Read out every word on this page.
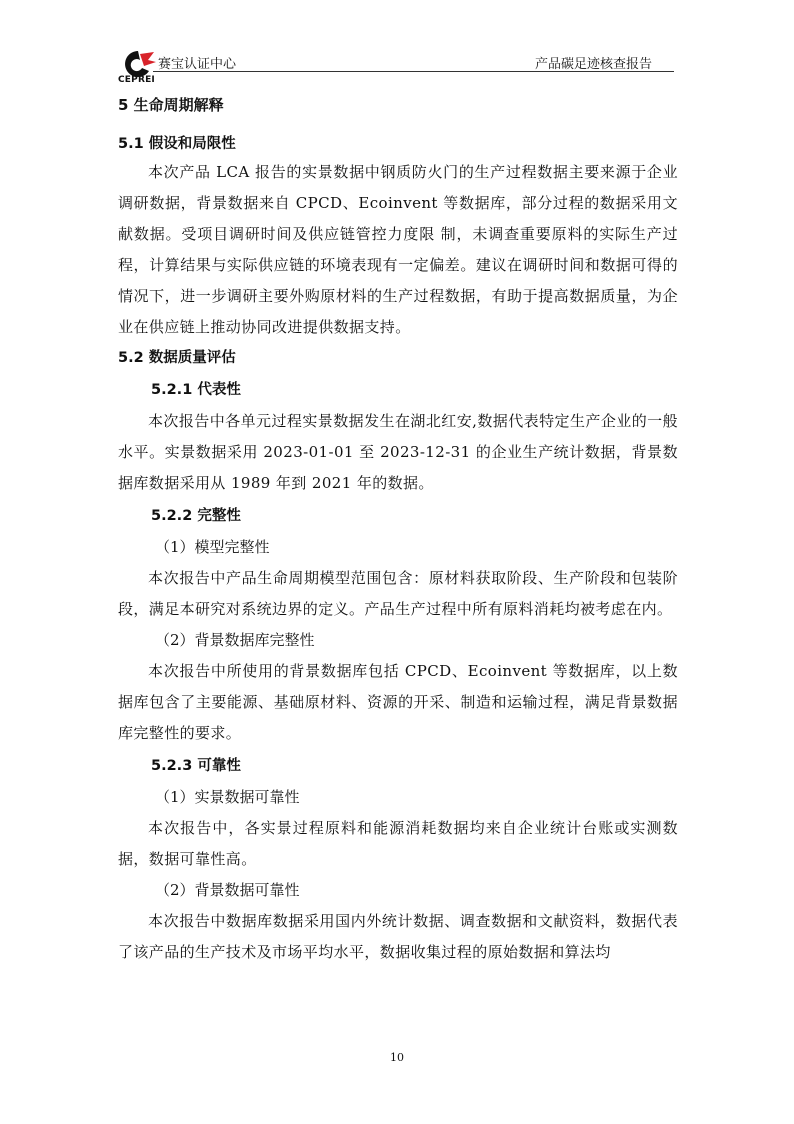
CEPREI
赛宝认证中心	产品碳足迹核查报告
5 生命周期解释
5.1 假设和局限性

本次产品 LCA 报告的实景数据中钢质防火门的生产过程数据主要来源于企业调研数据，背景数据来自 CPCD、Ecoinvent 等数据库，部分过程的数据采用文献数据。受项目调研时间及供应链管控力度限 制，未调查重要原料的实际生产过程，计算结果与实际供应链的环境表现有一定偏差。建议在调研时间和数据可得的情况下，进一步调研主要外购原材料的生产过程数据，有助于提高数据质量，为企业在供应链上推动协同改进提供数据支持。

5.2 数据质量评估
5.2.1 代表性

本次报告中各单元过程实景数据发生在湖北红安,数据代表特定生产企业的一般水平。实景数据采用 2023-01-01 至 2023-12-31 的企业生产统计数据，背景数据库数据采用从 1989 年到 2021 年的数据。

5.2.2 完整性

（1）模型完整性

本次报告中产品生命周期模型范围包含：原材料获取阶段、生产阶段和包装阶段，满足本研究对系统边界的定义。产品生产过程中所有原料消耗均被考虑在内。

（2）背景数据库完整性

本次报告中所使用的背景数据库包括 CPCD、Ecoinvent 等数据库，以上数据库包含了主要能源、基础原材料、资源的开采、制造和运输过程，满足背景数据库完整性的要求。

5.2.3 可靠性

（1）实景数据可靠性

本次报告中，各实景过程原料和能源消耗数据均来自企业统计台账或实测数据，数据可靠性高。

（2）背景数据可靠性

本次报告中数据库数据采用国内外统计数据、调查数据和文献资料，数据代表了该产品的生产技术及市场平均水平，数据收集过程的原始数据和算法均

10
